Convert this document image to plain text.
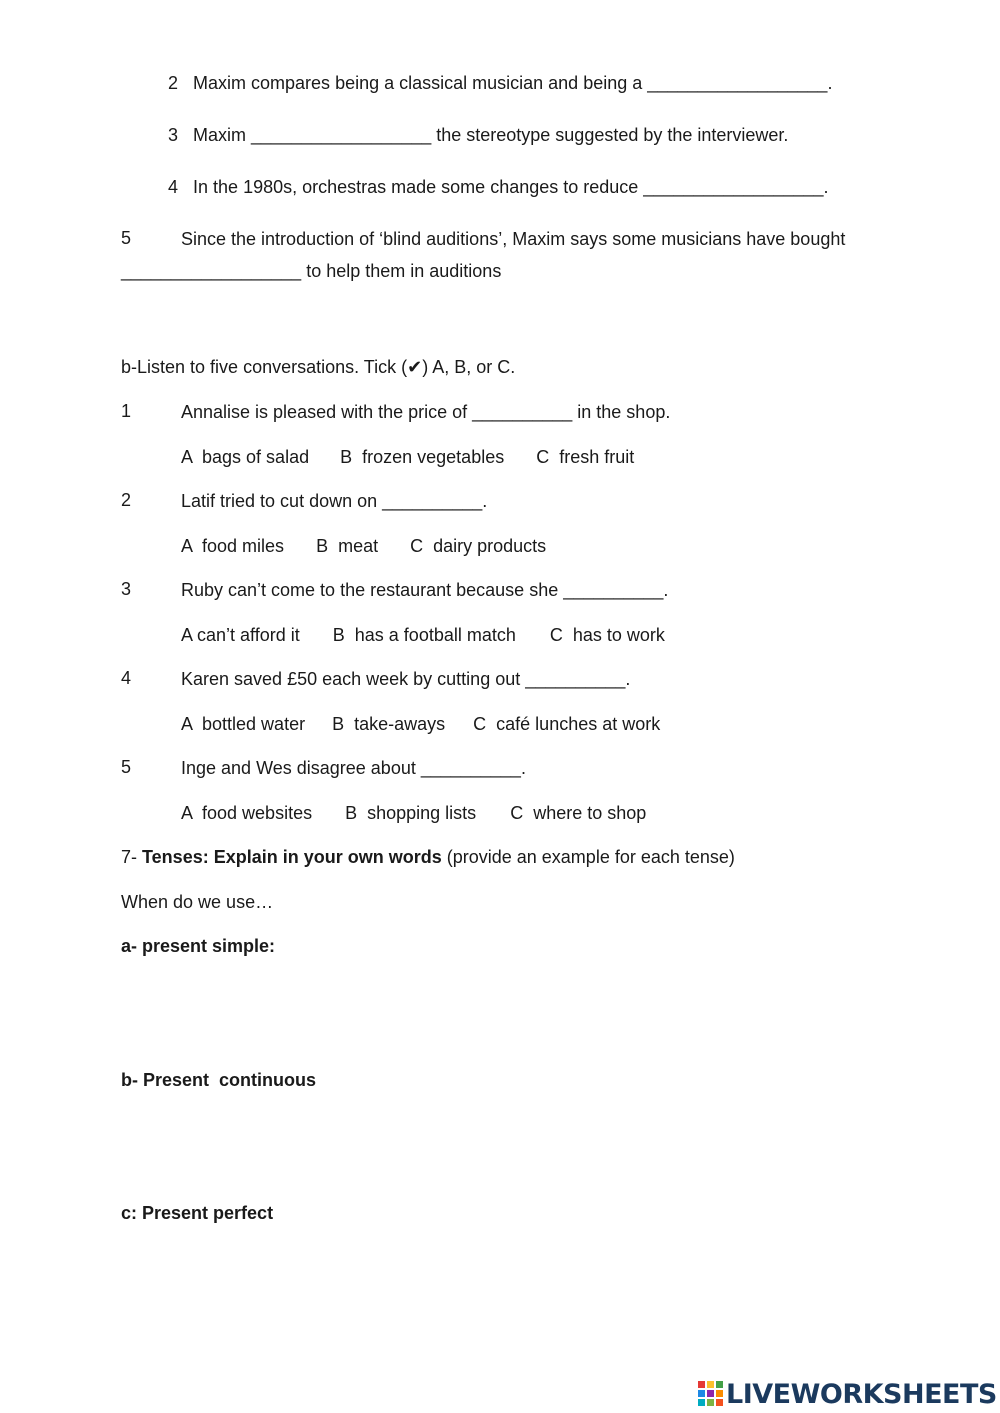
2 Maxim compares being a classical musician and being a __________________.
3 Maxim __________________ the stereotype suggested by the interviewer.
4 In the 1980s, orchestras made some changes to reduce __________________.
5	Since the introduction of ‘blind auditions’, Maxim says some musicians have bought
__________________ to help them in auditions
b-Listen to five conversations. Tick (✔) A, B, or C.
1	Annalise is pleased with the price of __________ in the shop.
A  bags of salad B  frozen vegetables C  fresh fruit
2	Latif tried to cut down on __________.
A  food miles B  meat C  dairy products
3	Ruby can’t come to the restaurant because she __________.
A can’t afford it B  has a football match C  has to work
4	Karen saved £50 each week by cutting out __________.
A  bottled water B  take-aways C  café lunches at work
5	Inge and Wes disagree about __________.
A  food websites B  shopping lists C  where to shop
7- Tenses: Explain in your own words (provide an example for each tense)
When do we use…
a- present simple:
b- Present  continuous
c: Present perfect
LIVEWORKSHEETS
